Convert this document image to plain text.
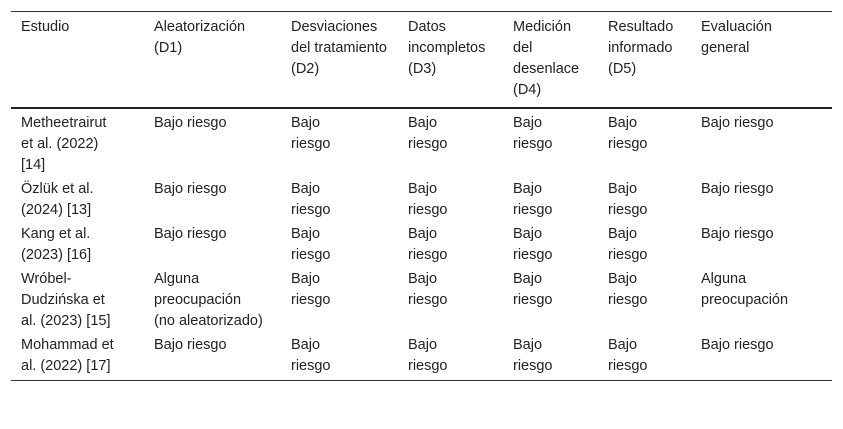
Estudio	Aleatorización (D1)	Desviaciones del tratamiento (D2)	Datos incompletos (D3)	Medición del desenlace (D4)	Resultado informado (D5)	Evaluación general

Metheetrairut et al. (2022) [14]	Bajo riesgo	Bajo riesgo	Bajo riesgo	Bajo riesgo	Bajo riesgo	Bajo riesgo

Özlük et al. (2024) [13]	Bajo riesgo	Bajo riesgo	Bajo riesgo	Bajo riesgo	Bajo riesgo	Bajo riesgo

Kang et al. (2023) [16]	Bajo riesgo	Bajo riesgo	Bajo riesgo	Bajo riesgo	Bajo riesgo	Bajo riesgo

Wróbel-Dudzińska et al. (2023) [15]	Alguna preocupación (no aleatorizado)	Bajo riesgo	Bajo riesgo	Bajo riesgo	Bajo riesgo	Alguna preocupación

Mohammad et al. (2022) [17]	Bajo riesgo	Bajo riesgo	Bajo riesgo	Bajo riesgo	Bajo riesgo	Bajo riesgo
